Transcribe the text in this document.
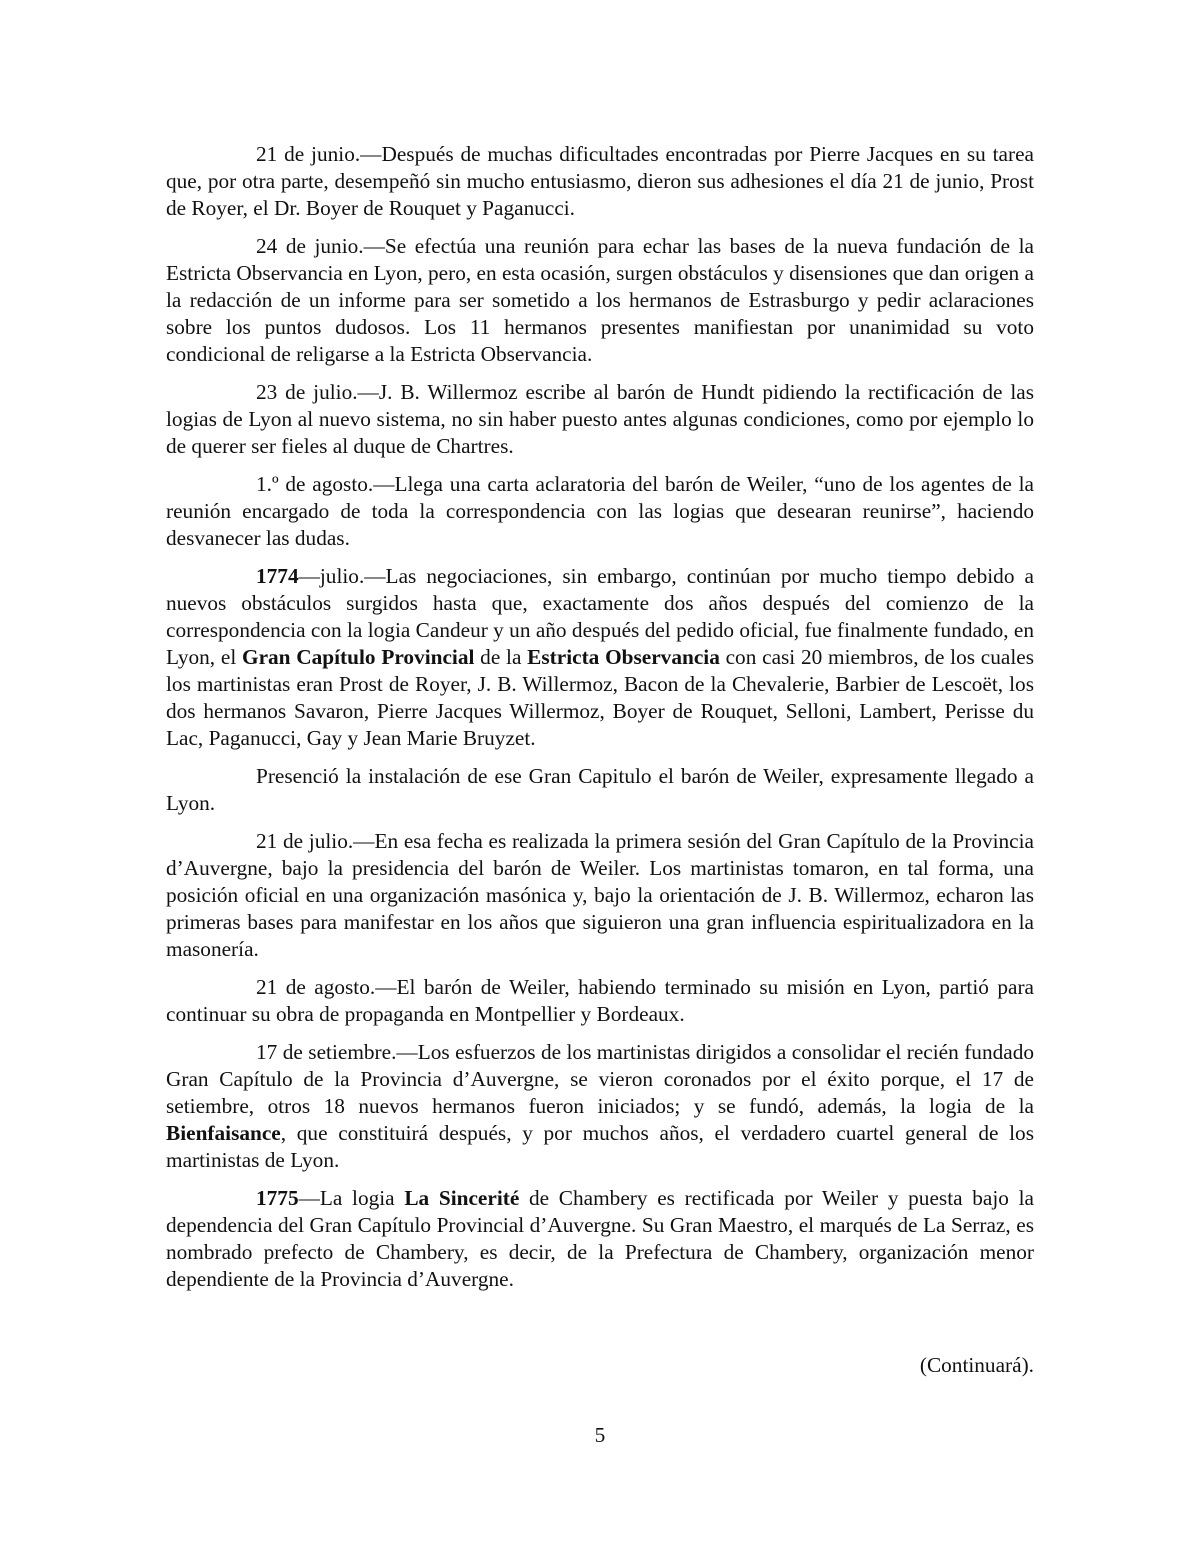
21 de junio.—Después de muchas dificultades encontradas por Pierre Jacques en su tarea que, por otra parte, desempeñó sin mucho entusiasmo, dieron sus adhesiones el día 21 de junio, Prost de Royer, el Dr. Boyer de Rouquet y Paganucci.

24 de junio.—Se efectúa una reunión para echar las bases de la nueva fundación de la Estricta Observancia en Lyon, pero, en esta ocasión, surgen obstáculos y disensiones que dan origen a la redacción de un informe para ser sometido a los hermanos de Estrasburgo y pedir aclaraciones sobre los puntos dudosos. Los 11 hermanos presentes manifiestan por unanimidad su voto condicional de religarse a la Estricta Observancia.

23 de julio.—J. B. Willermoz escribe al barón de Hundt pidiendo la rectificación de las logias de Lyon al nuevo sistema, no sin haber puesto antes algunas condiciones, como por ejemplo lo de querer ser fieles al duque de Chartres.

1.º de agosto.—Llega una carta aclaratoria del barón de Weiler, “uno de los agentes de la reunión encargado de toda la correspondencia con las logias que desearan reunirse”, haciendo desvanecer las dudas.

1774—julio.—Las negociaciones, sin embargo, continúan por mucho tiempo debido a nuevos obstáculos surgidos hasta que, exactamente dos años después del comienzo de la correspondencia con la logia Candeur y un año después del pedido oficial, fue finalmente fundado, en Lyon, el Gran Capítulo Provincial de la Estricta Observancia con casi 20 miembros, de los cuales los martinistas eran Prost de Royer, J. B. Willermoz, Bacon de la Chevalerie, Barbier de Lescoët, los dos hermanos Savaron, Pierre Jacques Willermoz, Boyer de Rouquet, Selloni, Lambert, Perisse du Lac, Paganucci, Gay y Jean Marie Bruyzet.

Presenció la instalación de ese Gran Capitulo el barón de Weiler, expresamente llegado a Lyon.

21 de julio.—En esa fecha es realizada la primera sesión del Gran Capítulo de la Provincia d’Auvergne, bajo la presidencia del barón de Weiler. Los martinistas tomaron, en tal forma, una posición oficial en una organización masónica y, bajo la orientación de J. B. Willermoz, echaron las primeras bases para manifestar en los años que siguieron una gran influencia espiritualizadora en la masonería.

21 de agosto.—El barón de Weiler, habiendo terminado su misión en Lyon, partió para continuar su obra de propaganda en Montpellier y Bordeaux.

17 de setiembre.—Los esfuerzos de los martinistas dirigidos a consolidar el recién fundado Gran Capítulo de la Provincia d’Auvergne, se vieron coronados por el éxito porque, el 17 de setiembre, otros 18 nuevos hermanos fueron iniciados; y se fundó, además, la logia de la Bienfaisance, que constituirá después, y por muchos años, el verdadero cuartel general de los martinistas de Lyon.

1775—La logia La Sincerité de Chambery es rectificada por Weiler y puesta bajo la dependencia del Gran Capítulo Provincial d’Auvergne. Su Gran Maestro, el marqués de La Serraz, es nombrado prefecto de Chambery, es decir, de la Prefectura de Chambery, organización menor dependiente de la Provincia d’Auvergne.

(Continuará).

5
